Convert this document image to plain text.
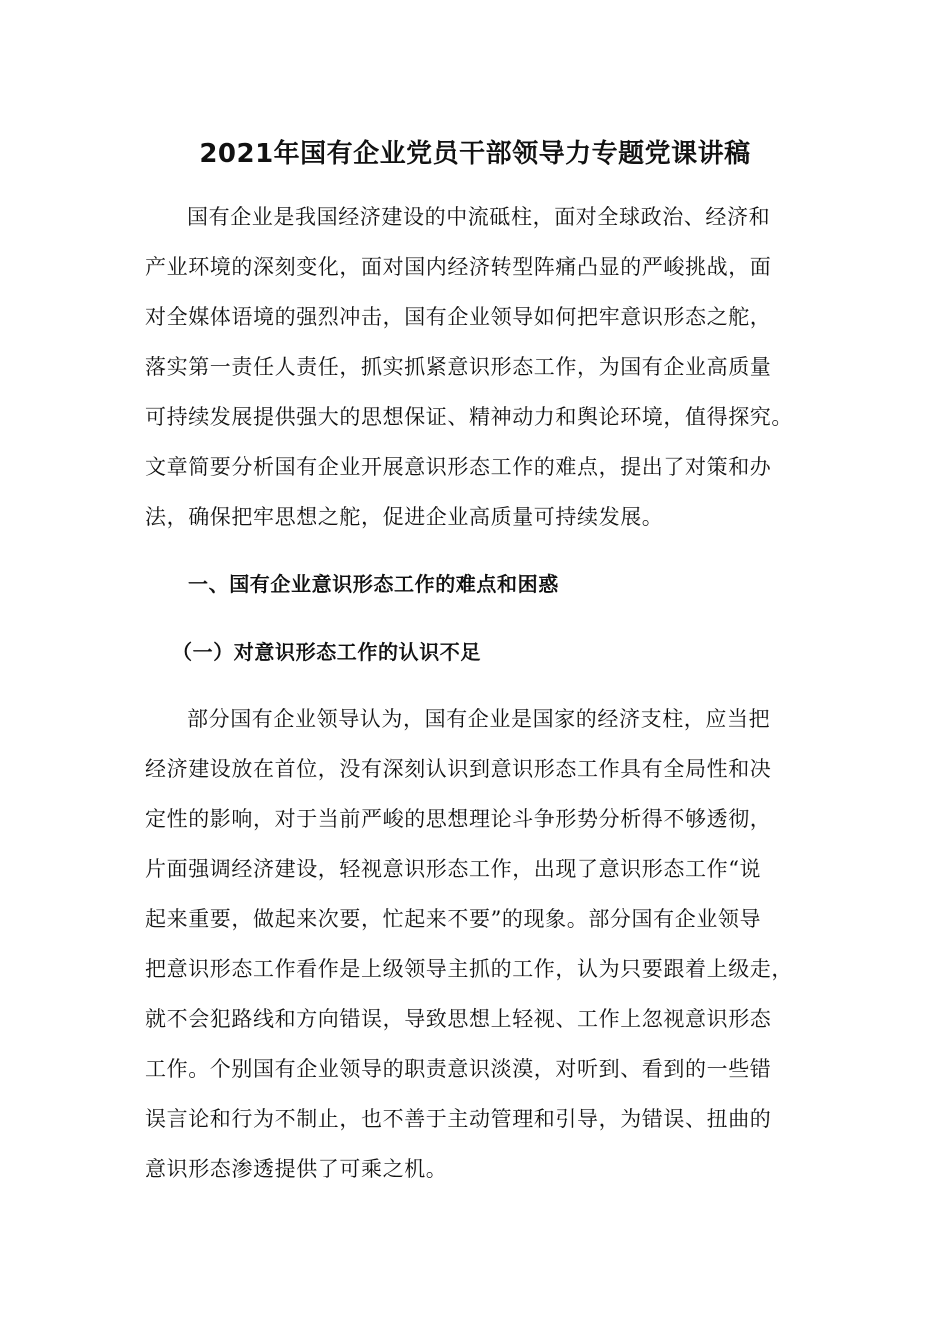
2021年国有企业党员干部领导力专题党课讲稿
国有企业是我国经济建设的中流砥柱，面对全球政治、经济和
产业环境的深刻变化，面对国内经济转型阵痛凸显的严峻挑战，面
对全媒体语境的强烈冲击，国有企业领导如何把牢意识形态之舵，
落实第一责任人责任，抓实抓紧意识形态工作，为国有企业高质量
可持续发展提供强大的思想保证、精神动力和舆论环境，值得探究。
文章简要分析国有企业开展意识形态工作的难点，提出了对策和办
法，确保把牢思想之舵，促进企业高质量可持续发展。
一、国有企业意识形态工作的难点和困惑
（一）对意识形态工作的认识不足
部分国有企业领导认为，国有企业是国家的经济支柱，应当把
经济建设放在首位，没有深刻认识到意识形态工作具有全局性和决
定性的影响，对于当前严峻的思想理论斗争形势分析得不够透彻，
片面强调经济建设，轻视意识形态工作，出现了意识形态工作“说
起来重要，做起来次要，忙起来不要”的现象。部分国有企业领导
把意识形态工作看作是上级领导主抓的工作，认为只要跟着上级走，
就不会犯路线和方向错误，导致思想上轻视、工作上忽视意识形态
工作。个别国有企业领导的职责意识淡漠，对听到、看到的一些错
误言论和行为不制止，也不善于主动管理和引导，为错误、扭曲的
意识形态渗透提供了可乘之机。
